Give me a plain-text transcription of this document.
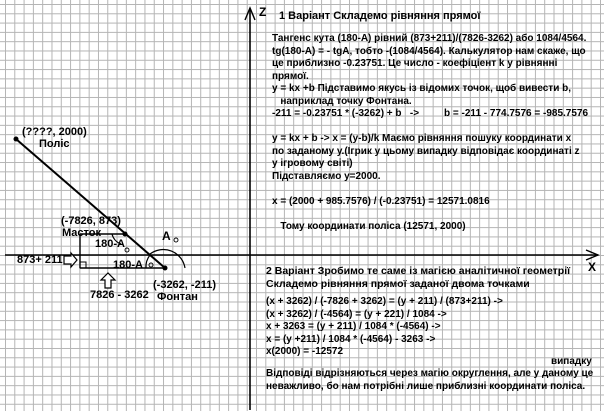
Z
X
(????, 2000)
Поліс
(-7826, 873)
Масток
(-3262, -211)
Фонтан
180-A
A
180-A
873+ 211
7826 - 3262
1 Варіант Складемо рівняння прямої
Тангенс кута (180-А) рівний (873+211)/(7826-3262) або 1084/4564.
tg(180-A) = - tgA, тобто -(1084/4564). Калькулятор нам скаже, що
це приблизно -0.23751. Це число - коефіціент k у рівнянні
прямої.
y = kx +b Підставимо якусь із відомих точок, щоб вивести b,
наприклад точку Фонтана.
-211 = -0.23751 * (-3262) + b   ->         b = -211 - 774.7576 = -985.7576
y = kx + b -> x = (y-b)/k Маємо рівняння пошуку координати х
по заданому у.(Ігрик у цьому випадку відповідає координаті z
у ігровому світі)
Підставляємо у=2000.
x = (2000 + 985.7576) / (-0.23751) = 12571.0816
Тому координати поліса (12571, 2000)
2 Варіант Зробимо те саме із магією аналітичної геометрії
Складемо рівняння прямої заданої двома точками
(x + 3262) / (-7826 + 3262) = (y + 211) / (873+211) ->
(x + 3262) / (-4564) = (y + 221) / 1084 ->
x + 3263 = (y + 211) / 1084 * (-4564) ->
x = (y +211) / 1084 * (-4564) - 3263 ->
x(2000) = -12572
випадку
Відповіді відрізняються через магію округлення, але у даному це неважливо, бо нам потрібні лише приблизні координати поліса.
